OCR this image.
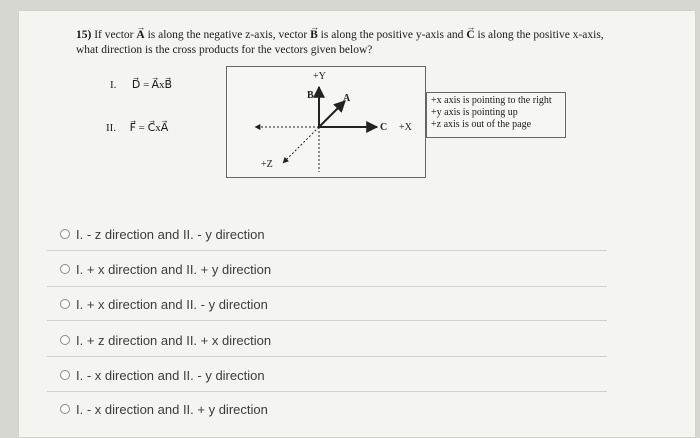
15) If vector → A is along the negative z-axis, vector → B is along the positive y-axis and → C is along the positive x-axis,
what direction is the cross products for the vectors given below?
I. D⃗ = A⃗xB⃗
II. F⃗ = C⃗xA⃗
+Y
B	A
C +X
+Z
+x axis is pointing to the right
+y axis is pointing up
+z axis is out of the page
I. - z direction and II. - y direction
I. + x direction and II. + y direction
I. + x direction and II. - y direction
I. + z direction and II. + x direction
I. - x direction and II. - y direction
I. - x direction and II. + y direction
